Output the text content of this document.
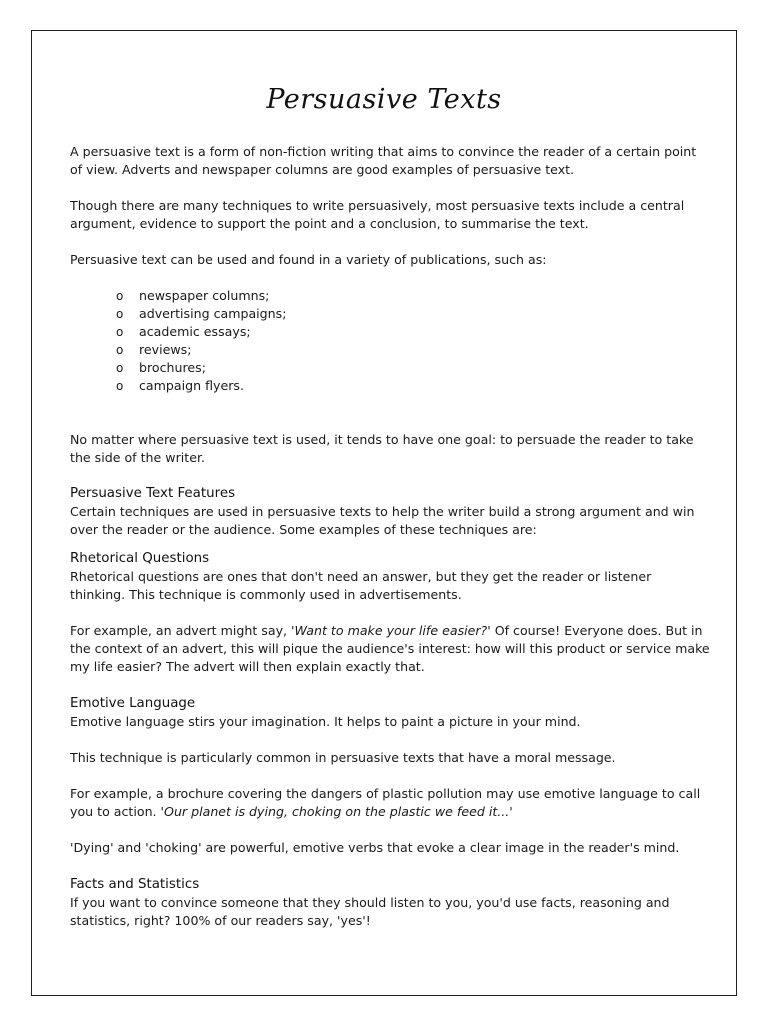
Persuasive Texts

A persuasive text is a form of non-fiction writing that aims to convince the reader of a certain point of view. Adverts and newspaper columns are good examples of persuasive text.

Though there are many techniques to write persuasively, most persuasive texts include a central argument, evidence to support the point and a conclusion, to summarise the text.

Persuasive text can be used and found in a variety of publications, such as:

o newspaper columns;
o advertising campaigns;
o academic essays;
o reviews;
o brochures;
o campaign flyers.

No matter where persuasive text is used, it tends to have one goal: to persuade the reader to take the side of the writer.

Persuasive Text Features

Certain techniques are used in persuasive texts to help the writer build a strong argument and win over the reader or the audience. Some examples of these techniques are:

Rhetorical Questions

Rhetorical questions are ones that don't need an answer, but they get the reader or listener thinking. This technique is commonly used in advertisements.

For example, an advert might say, 'Want to make your life easier?' Of course! Everyone does. But in the context of an advert, this will pique the audience's interest: how will this product or service make my life easier? The advert will then explain exactly that.

Emotive Language

Emotive language stirs your imagination. It helps to paint a picture in your mind.

This technique is particularly common in persuasive texts that have a moral message.

For example, a brochure covering the dangers of plastic pollution may use emotive language to call you to action. 'Our planet is dying, choking on the plastic we feed it...'

'Dying' and 'choking' are powerful, emotive verbs that evoke a clear image in the reader's mind.

Facts and Statistics

If you want to convince someone that they should listen to you, you'd use facts, reasoning and statistics, right? 100% of our readers say, 'yes'!
